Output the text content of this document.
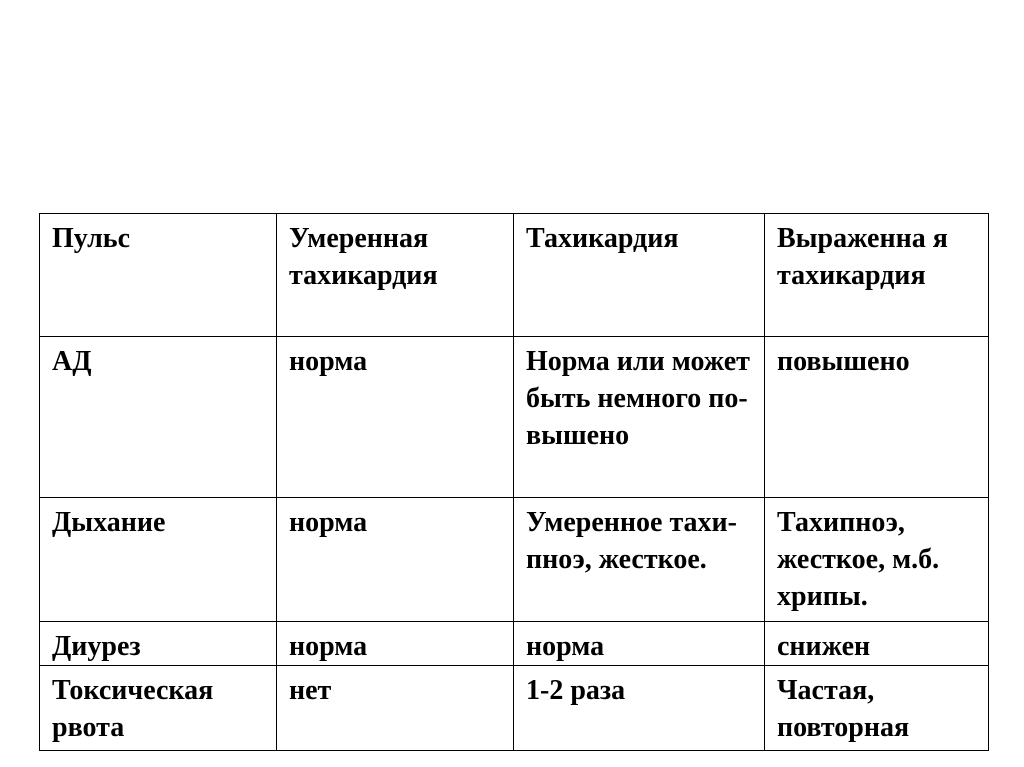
Пульс	Умеренная тахикардия	Тахикардия	Выраженна я тахикардия

АД	норма	Норма или может быть немного по-вышено	повышено

Дыхание	норма	Умеренное тахи-пноэ, жесткое.	Тахипноэ, жесткое, м.б. хрипы.

Диурез	норма	норма	снижен

Токсическая рвота	нет	1-2 раза	Частая, повторная
